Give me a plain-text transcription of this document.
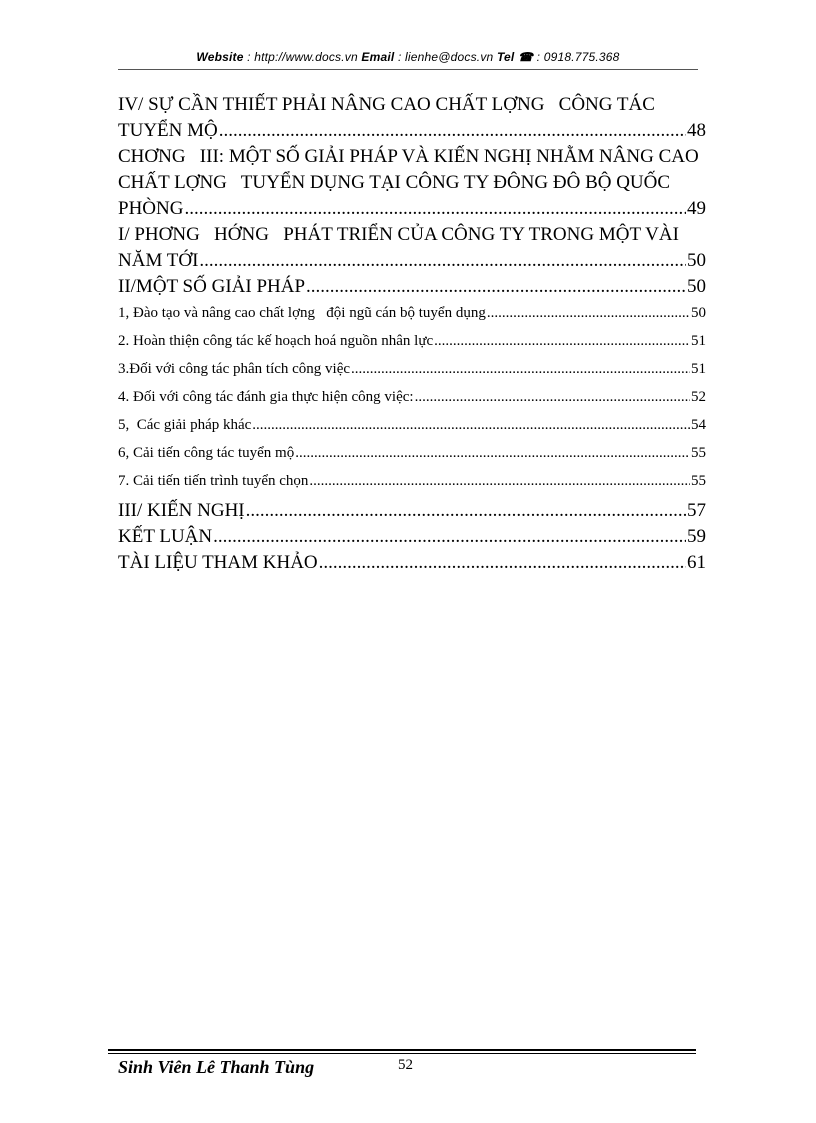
Website : http://www.docs.vn Email : lienhe@docs.vn Tel ☎ : 0918.775.368
IV/ SỰ CẦN THIẾT PHẢI NÂNG CAO CHẤT LỢNG   CÔNG TÁC
TUYỂN MỘ .....	48
CHƠNG   III: MỘT SỐ GIẢI PHÁP VÀ KIẾN NGHỊ NHẰM NÂNG CAO
CHẤT LỢNG   TUYỂN DỤNG TẠI CÔNG TY ĐÔNG ĐÔ BỘ QUỐC
PHÒNG .....	49
I/ PHƠNG   HỚNG   PHÁT TRIỂN CỦA CÔNG TY TRONG MỘT VÀI
NĂM TỚI .....	50
II/MỘT SỐ GIẢI PHÁP .....	50
1, Đào tạo và nâng cao chất lợng   đội ngũ cán bộ tuyển dụng .....	50
2. Hoàn thiện công tác kế hoạch hoá nguồn nhân lực .....	51
3.Đối với công tác phân tích công việc .....	51
4. Đối với công tác đánh gia thực hiện công việc: .....	52
5,  Các giải pháp khác .....	54
6, Cải tiến công tác tuyển mộ .....	55
7. Cải tiến tiến trình tuyển chọn .....	55
III/ KIẾN NGHỊ .....	57
KẾT LUẬN .....	59
TÀI LIỆU THAM KHẢO .....	61
Sinh Viên Lê Thanh Tùng	52
